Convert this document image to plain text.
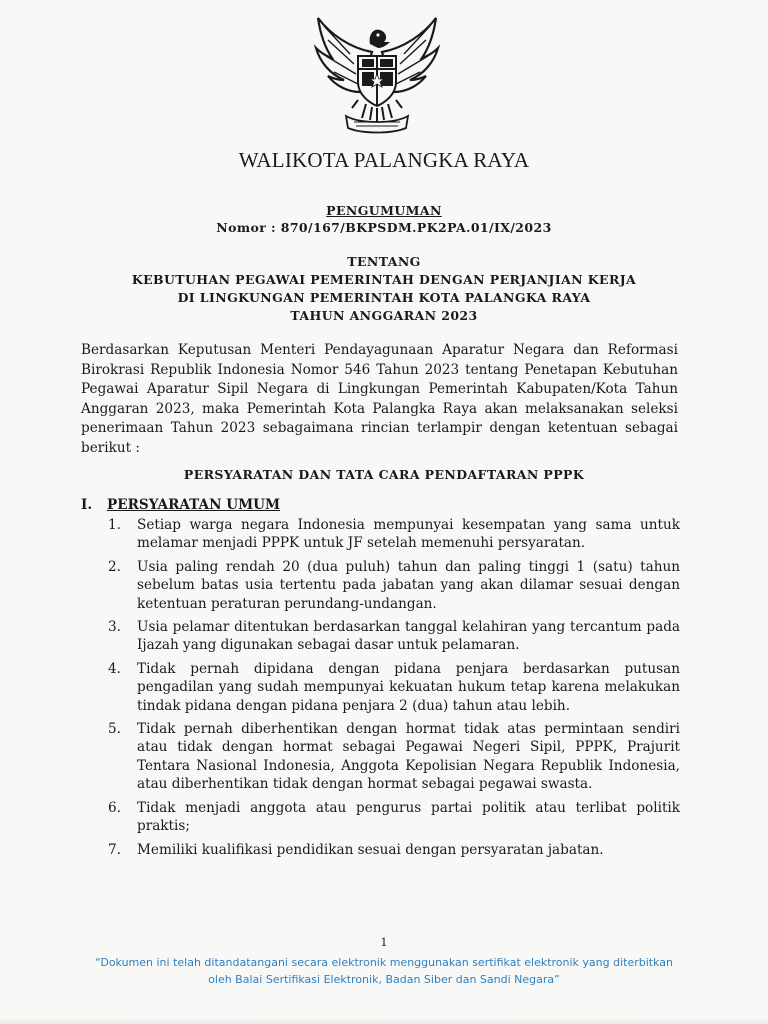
WALIKOTA PALANGKA RAYA
PENGUMUMAN
Nomor : 870/167/BKPSDM.PK2PA.01/IX/2023
TENTANG
KEBUTUHAN PEGAWAI PEMERINTAH DENGAN PERJANJIAN KERJA
DI LINGKUNGAN PEMERINTAH KOTA PALANGKA RAYA
TAHUN ANGGARAN 2023
Berdasarkan Keputusan Menteri Pendayagunaan Aparatur Negara dan Reformasi Birokrasi Republik Indonesia Nomor 546 Tahun 2023 tentang Penetapan Kebutuhan Pegawai Aparatur Sipil Negara di Lingkungan Pemerintah Kabupaten/Kota Tahun Anggaran 2023, maka Pemerintah Kota Palangka Raya akan melaksanakan seleksi penerimaan Tahun 2023 sebagaimana rincian terlampir dengan ketentuan sebagai berikut :
PERSYARATAN DAN TATA CARA PENDAFTARAN PPPK
I. PERSYARATAN UMUM
1.	Setiap warga negara Indonesia mempunyai kesempatan yang sama untuk melamar menjadi PPPK untuk JF setelah memenuhi persyaratan.
2.	Usia paling rendah 20 (dua puluh) tahun dan paling tinggi 1 (satu) tahun sebelum batas usia tertentu pada jabatan yang akan dilamar sesuai dengan ketentuan peraturan perundang-undangan.
3.	Usia pelamar ditentukan berdasarkan tanggal kelahiran yang tercantum pada Ijazah yang digunakan sebagai dasar untuk pelamaran.
4.	Tidak pernah dipidana dengan pidana penjara berdasarkan putusan pengadilan yang sudah mempunyai kekuatan hukum tetap karena melakukan tindak pidana dengan pidana penjara 2 (dua) tahun atau lebih.
5.	Tidak pernah diberhentikan dengan hormat tidak atas permintaan sendiri atau tidak dengan hormat sebagai Pegawai Negeri Sipil, PPPK, Prajurit Tentara Nasional Indonesia, Anggota Kepolisian Negara Republik Indonesia, atau diberhentikan tidak dengan hormat sebagai pegawai swasta.
6.	Tidak menjadi anggota atau pengurus partai politik atau terlibat politik praktis;
7.	Memiliki kualifikasi pendidikan sesuai dengan persyaratan jabatan.
1
“Dokumen ini telah ditandatangani secara elektronik menggunakan sertifikat elektronik yang diterbitkan
oleh Balai Sertifikasi Elektronik, Badan Siber dan Sandi Negara”
